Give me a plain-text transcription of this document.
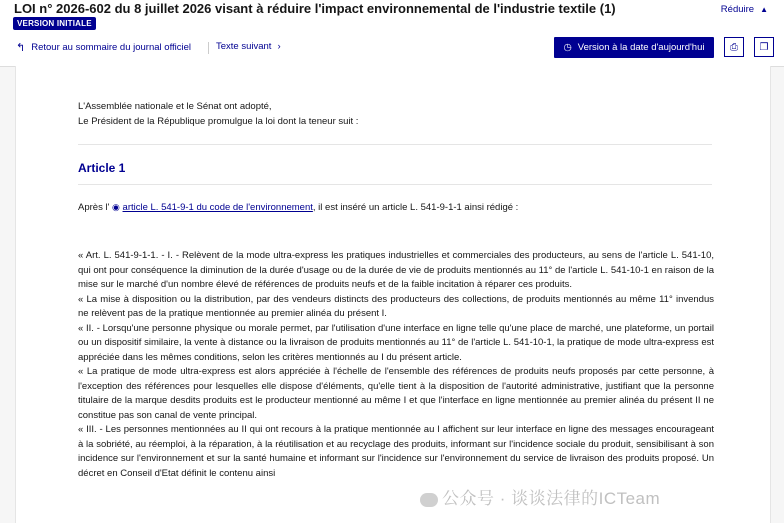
LOI n° 2026-602 du 8 juillet 2026 visant à réduire l'impact environnemental de l'industrie textile (1)
VERSION INITIALE
Réduire ▲
↰ Retour au sommaire du journal officiel	Texte suivant ›	◷ Version à la date d'aujourd'hui	⎙ ❐
L'Assemblée nationale et le Sénat ont adopté,
Le Président de la République promulgue la loi dont la teneur suit :
Article 1
Après l' ◉ article L. 541-9-1 du code de l'environnement, il est inséré un article L. 541-9-1-1 ainsi rédigé :

« Art. L. 541-9-1-1. - I. - Relèvent de la mode ultra-express les pratiques industrielles et commerciales des producteurs, au sens de l'article L. 541-10, qui ont pour conséquence la diminution de la durée d'usage ou de la durée de vie de produits mentionnés au 11° de l'article L. 541-10-1 en raison de la mise sur le marché d'un nombre élevé de références de produits neufs et de la faible incitation à réparer ces produits.

« La mise à disposition ou la distribution, par des vendeurs distincts des producteurs des collections, de produits mentionnés au même 11° invendus ne relèvent pas de la pratique mentionnée au premier alinéa du présent I.

« II. - Lorsqu'une personne physique ou morale permet, par l'utilisation d'une interface en ligne telle qu'une place de marché, une plateforme, un portail ou un dispositif similaire, la vente à distance ou la livraison de produits mentionnés au 11° de l'article L. 541-10-1, la pratique de mode ultra-express est appréciée dans les mêmes conditions, selon les critères mentionnés au I du présent article.

« La pratique de mode ultra-express est alors appréciée à l'échelle de l'ensemble des références de produits neufs proposés par cette personne, à l'exception des références pour lesquelles elle dispose d'éléments, qu'elle tient à la disposition de l'autorité administrative, justifiant que la personne titulaire de la marque desdits produits est le producteur mentionné au même I et que l'interface en ligne mentionnée au premier alinéa du présent II ne constitue pas son canal de vente principal.

« III. - Les personnes mentionnées au II qui ont recours à la pratique mentionnée au I affichent sur leur interface en ligne des messages encourageant à la sobriété, au réemploi, à la réparation, à la réutilisation et au recyclage des produits, informant sur l'incidence sociale du produit, sensibilisant à son incidence sur l'environnement et sur la santé humaine et informant sur l'incidence sur l'environnement du service de livraison des produits proposé. Un décret en Conseil d'Etat définit le contenu ainsi

公众号 · 谈谈法律的ICTeam
